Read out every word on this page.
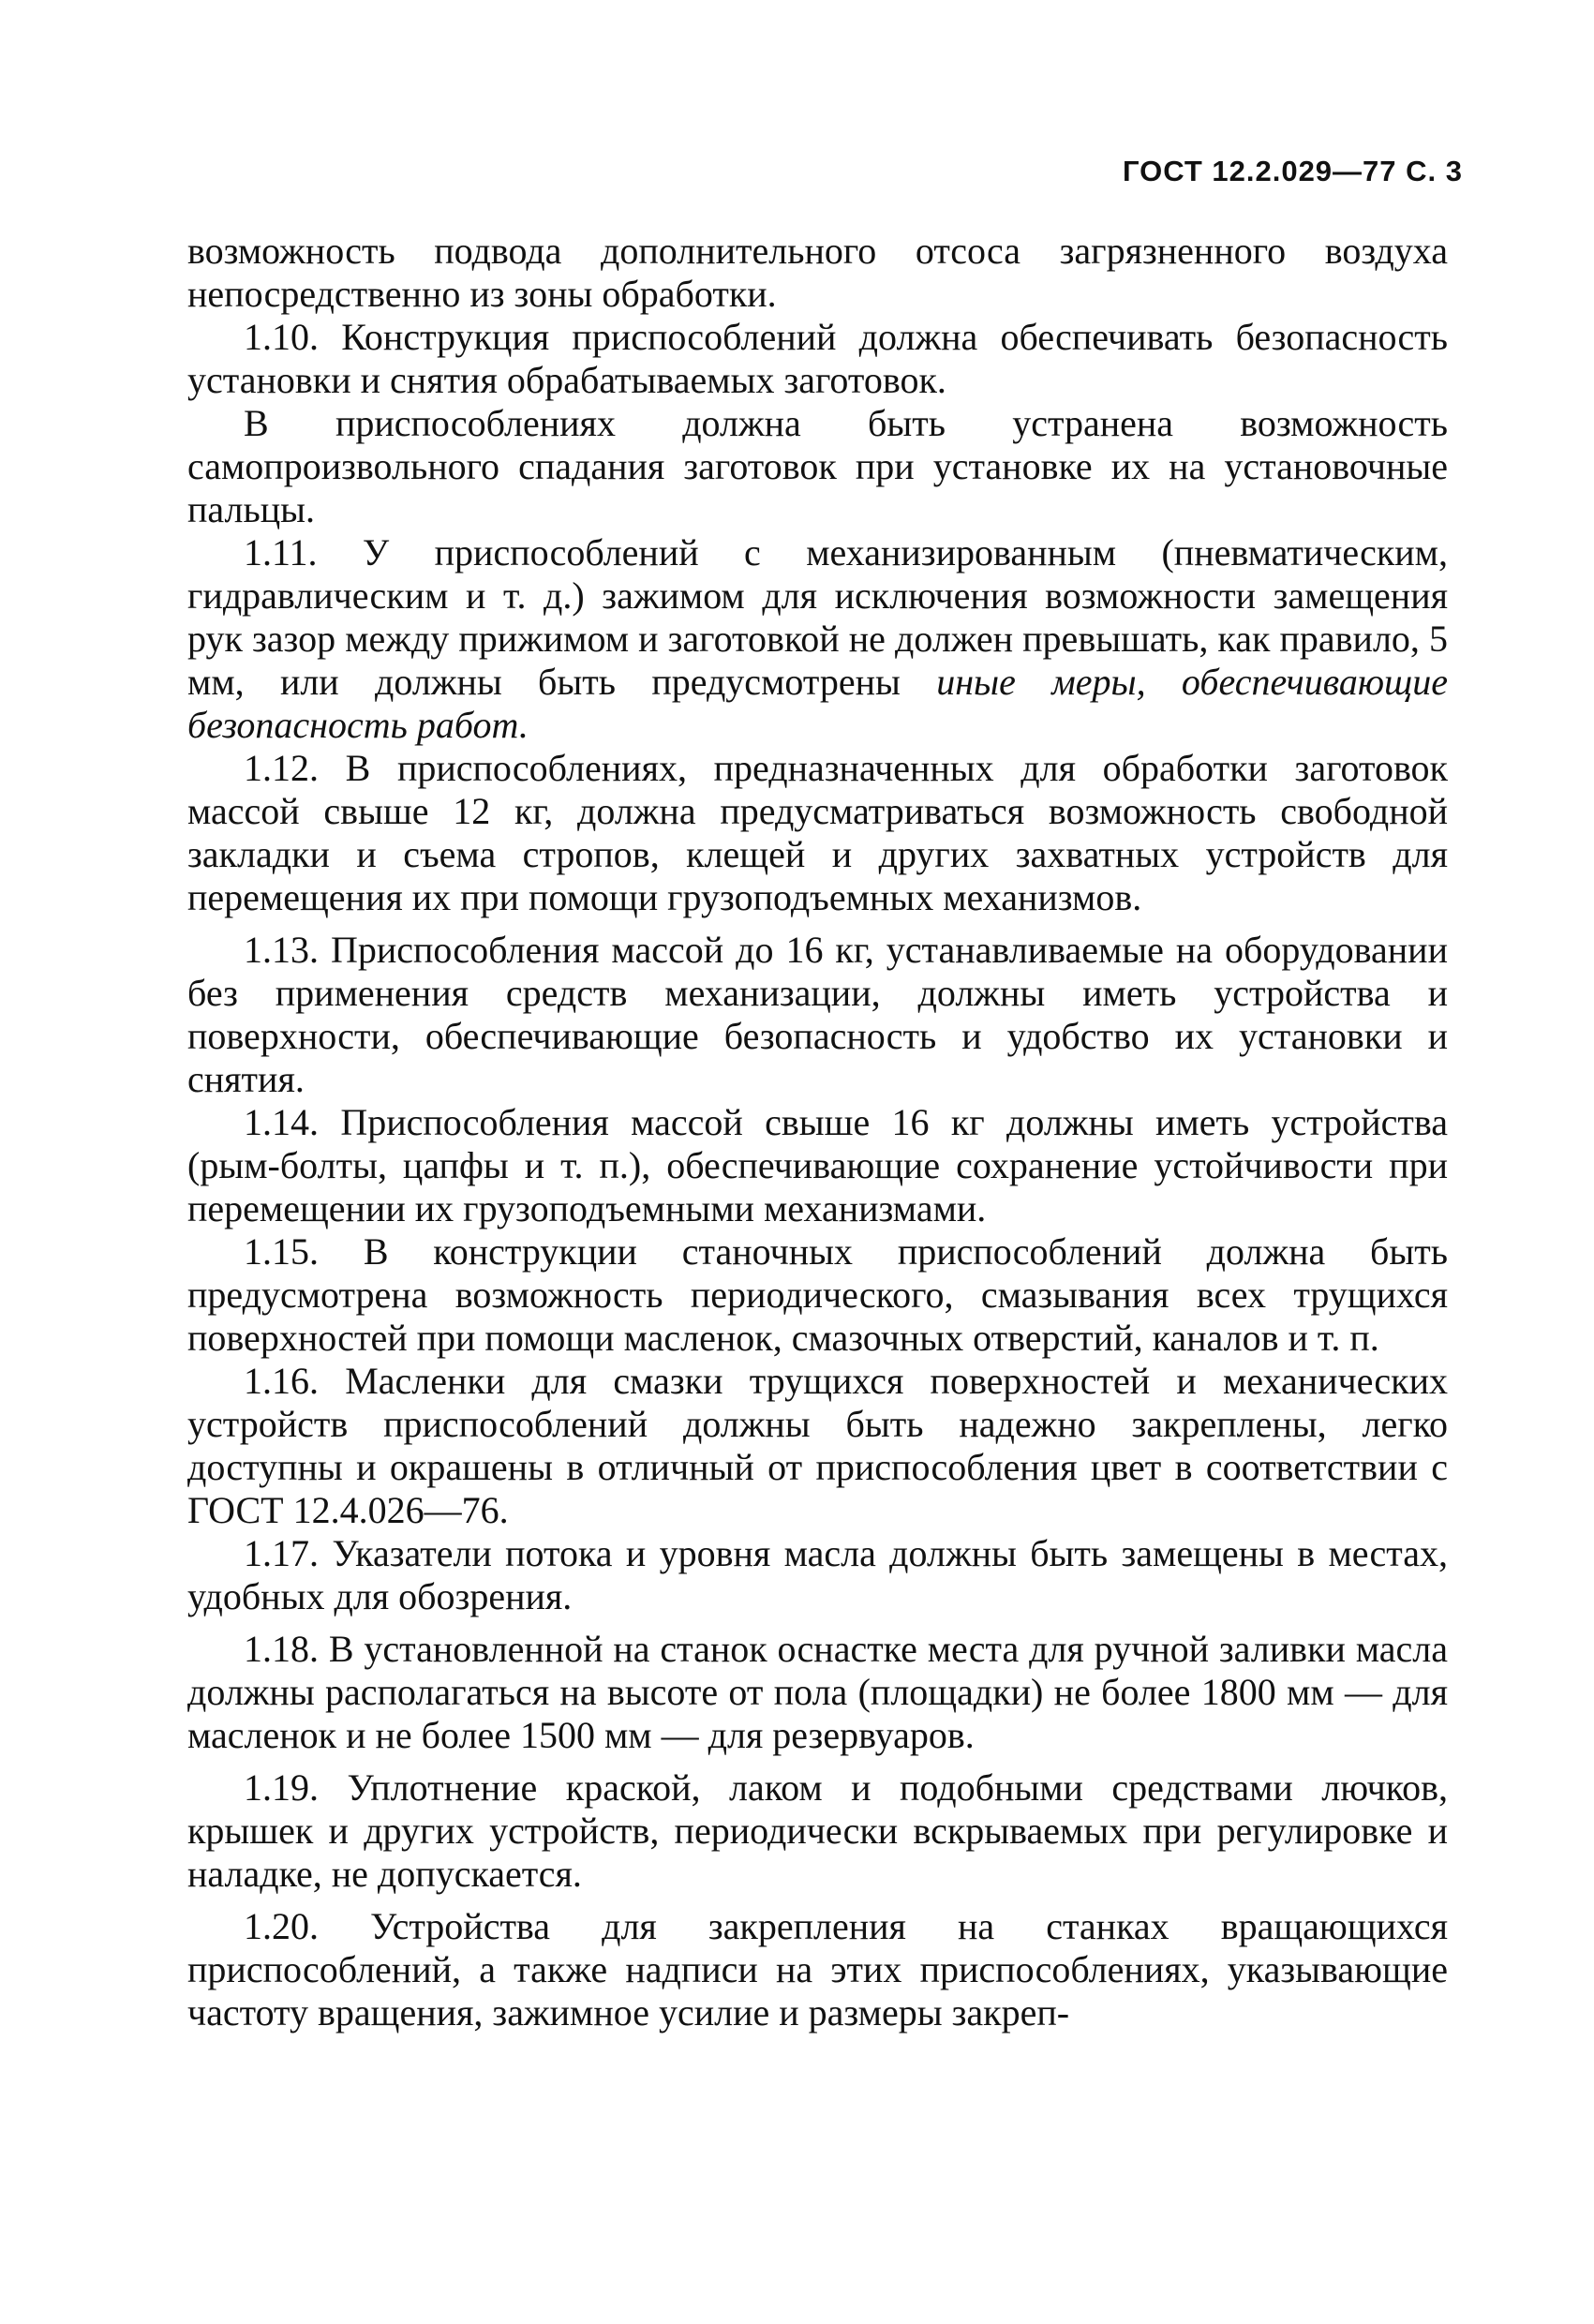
ГОСТ 12.2.029—77 С. 3

возможность подвода дополнительного отсоса загрязненного воздуха непосредственно из зоны обработки.

1.10. Конструкция приспособлений должна обеспечивать безопасность установки и снятия обрабатываемых заготовок.

В приспособлениях должна быть устранена возможность самопроизвольного спадания заготовок при установке их на установочные пальцы.

1.11. У приспособлений с механизированным (пневматическим, гидравлическим и т. д.) зажимом для исключения возможности замещения рук зазор между прижимом и заготовкой не должен превышать, как правило, 5 мм, или должны быть предусмотрены иные меры, обеспечивающие безопасность работ.

1.12. В приспособлениях, предназначенных для обработки заготовок массой свыше 12 кг, должна предусматриваться возможность свободной закладки и съема стропов, клещей и других захватных устройств для перемещения их при помощи грузоподъемных механизмов.

1.13. Приспособления массой до 16 кг, устанавливаемые на оборудовании без применения средств механизации, должны иметь устройства и поверхности, обеспечивающие безопасность и удобство их установки и снятия.

1.14. Приспособления массой свыше 16 кг должны иметь устройства (рым-болты, цапфы и т. п.), обеспечивающие сохранение устойчивости при перемещении их грузоподъемными механизмами.

1.15. В конструкции станочных приспособлений должна быть предусмотрена возможность периодического, смазывания всех трущихся поверхностей при помощи масленок, смазочных отверстий, каналов и т. п.

1.16. Масленки для смазки трущихся поверхностей и механических устройств приспособлений должны быть надежно закреплены, легко доступны и окрашены в отличный от приспособления цвет в соответствии с ГОСТ 12.4.026—76.

1.17. Указатели потока и уровня масла должны быть замещены в местах, удобных для обозрения.

1.18. В установленной на станок оснастке места для ручной заливки масла должны располагаться на высоте от пола (площадки) не более 1800 мм — для масленок и не более 1500 мм — для резервуаров.

1.19. Уплотнение краской, лаком и подобными средствами лючков, крышек и других устройств, периодически вскрываемых при регулировке и наладке, не допускается.

1.20. Устройства для закрепления на станках вращающихся приспособлений, а также надписи на этих приспособлениях, указывающие частоту вращения, зажимное усилие и размеры закреп-
